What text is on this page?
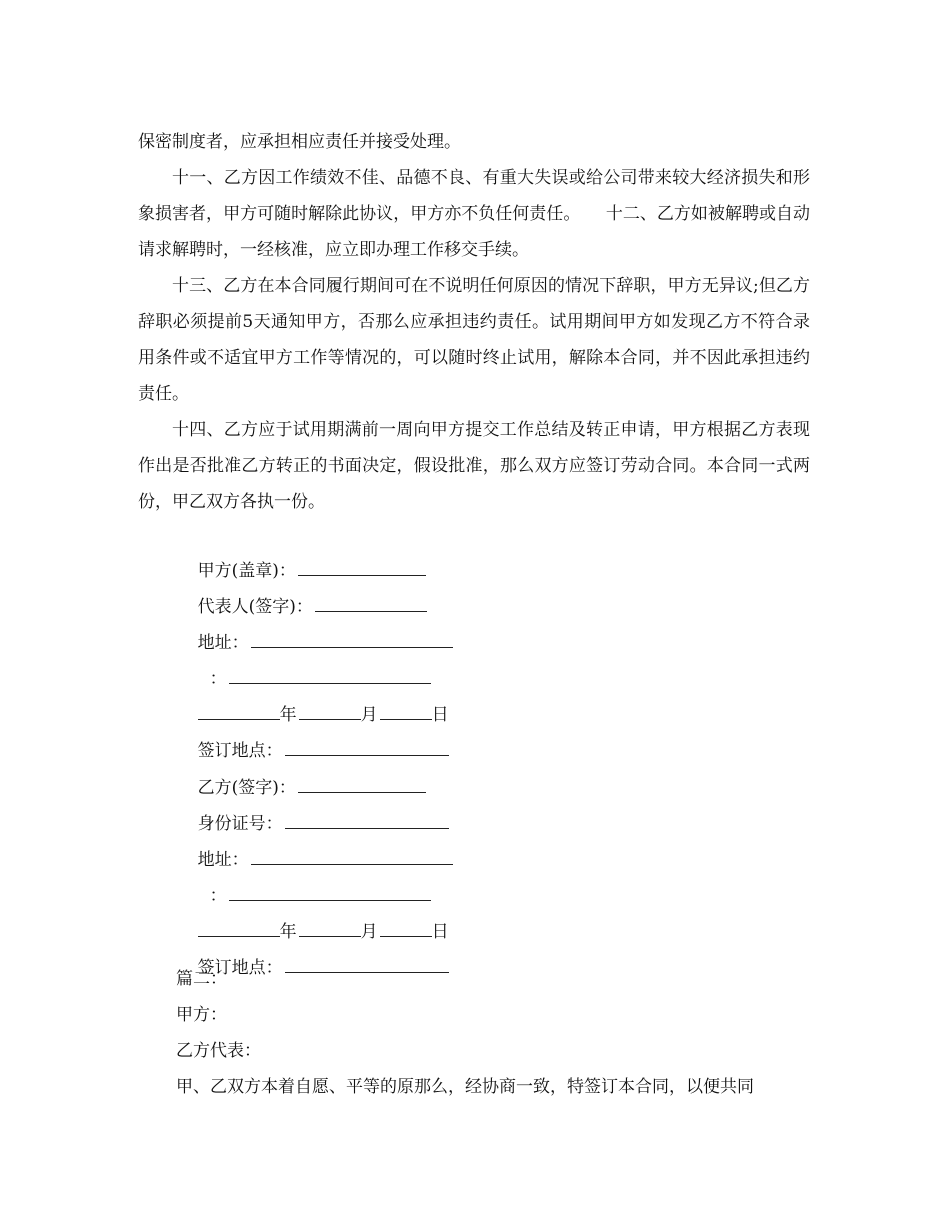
保密制度者，应承担相应责任并接受处理。

十一、乙方因工作绩效不佳、品德不良、有重大失误或给公司带来较大经济损失和形象损害者，甲方可随时解除此协议，甲方亦不负任何责任。　　十二、乙方如被解聘或自动请求解聘时，一经核准，应立即办理工作移交手续。

十三、乙方在本合同履行期间可在不说明任何原因的情况下辞职，甲方无异议;但乙方辞职必须提前5天通知甲方，否那么应承担违约责任。试用期间甲方如发现乙方不符合录用条件或不适宜甲方工作等情况的，可以随时终止试用，解除本合同，并不因此承担违约责任。

十四、乙方应于试用期满前一周向甲方提交工作总结及转正申请，甲方根据乙方表现作出是否批准乙方转正的书面决定，假设批准，那么双方应签订劳动合同。本合同一式两份，甲乙双方各执一份。

甲方(盖章)：

代表人(签字)：

地址：

：

年	月	日

签订地点：

乙方(签字)：

身份证号：

地址：

：

年	月	日

签订地点：

篇二：
甲方：
乙方代表：
甲、乙双方本着自愿、平等的原那么，经协商一致，特签订本合同，以便共同
